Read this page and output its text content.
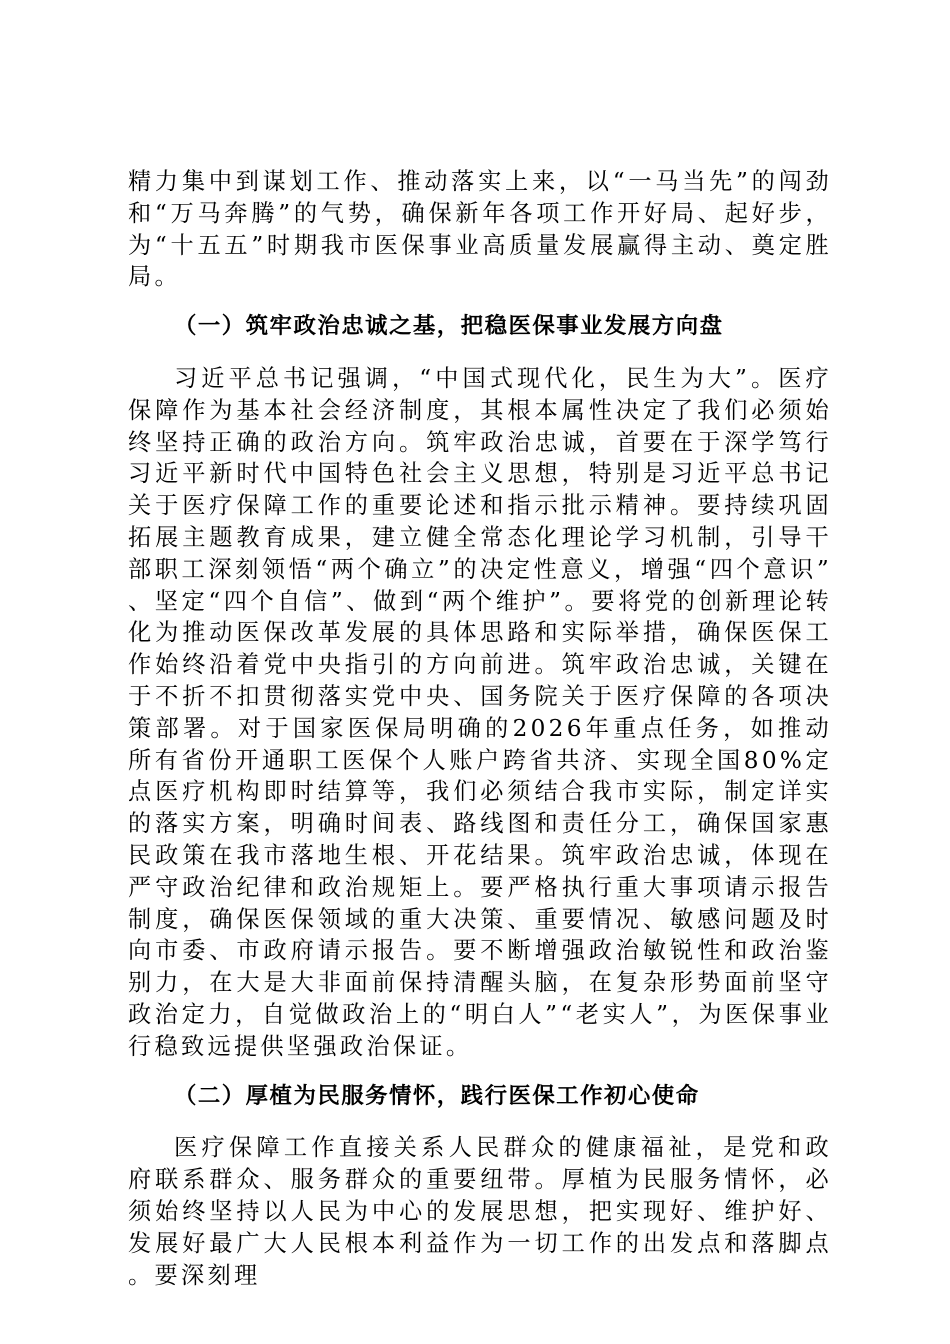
精力集中到谋划工作、推动落实上来，以“一马当先”的闯劲和“万马奔腾”的气势，确保新年各项工作开好局、起好步，为“十五五”时期我市医保事业高质量发展赢得主动、奠定胜局。

（一）筑牢政治忠诚之基，把稳医保事业发展方向盘

习近平总书记强调，“中国式现代化，民生为大”。医疗保障作为基本社会经济制度，其根本属性决定了我们必须始终坚持正确的政治方向。筑牢政治忠诚，首要在于深学笃行习近平新时代中国特色社会主义思想，特别是习近平总书记关于医疗保障工作的重要论述和指示批示精神。要持续巩固拓展主题教育成果，建立健全常态化理论学习机制，引导干部职工深刻领悟“两个确立”的决定性意义，增强“四个意识”、坚定“四个自信”、做到“两个维护”。要将党的创新理论转化为推动医保改革发展的具体思路和实际举措，确保医保工作始终沿着党中央指引的方向前进。筑牢政治忠诚，关键在于不折不扣贯彻落实党中央、国务院关于医疗保障的各项决策部署。对于国家医保局明确的2026年重点任务，如推动所有省份开通职工医保个人账户跨省共济、实现全国80%定点医疗机构即时结算等，我们必须结合我市实际，制定详实的落实方案，明确时间表、路线图和责任分工，确保国家惠民政策在我市落地生根、开花结果。筑牢政治忠诚，体现在严守政治纪律和政治规矩上。要严格执行重大事项请示报告制度，确保医保领域的重大决策、重要情况、敏感问题及时向市委、市政府请示报告。要不断增强政治敏锐性和政治鉴别力，在大是大非面前保持清醒头脑，在复杂形势面前坚守政治定力，自觉做政治上的“明白人”“老实人”，为医保事业行稳致远提供坚强政治保证。

（二）厚植为民服务情怀，践行医保工作初心使命

医疗保障工作直接关系人民群众的健康福祉，是党和政府联系群众、服务群众的重要纽带。厚植为民服务情怀，必须始终坚持以人民为中心的发展思想，把实现好、维护好、发展好最广大人民根本利益作为一切工作的出发点和落脚点。要深刻理
